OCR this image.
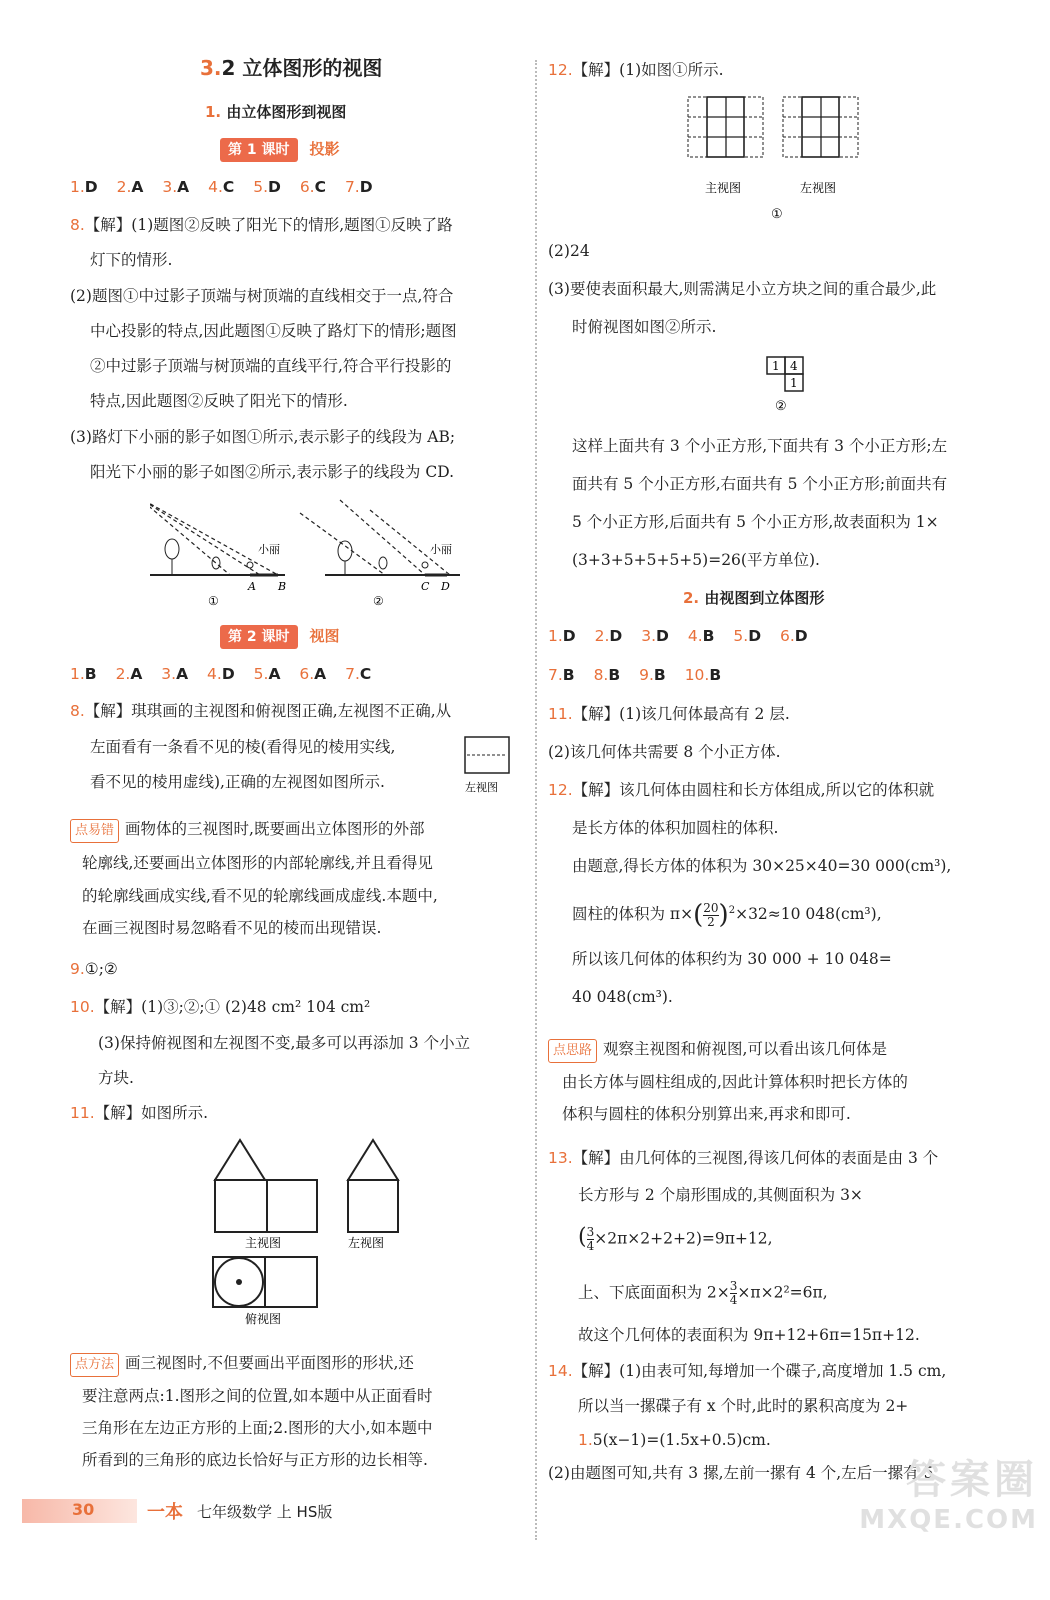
3.2 立体图形的视图
1. 由立体图形到视图
第 1 课时 投影
1.D 2.A 3.A 4.C 5.D 6.C 7.D
8.【解】(1)题图②反映了阳光下的情形,题图①反映了路
灯下的情形.
(2)题图①中过影子顶端与树顶端的直线相交于一点,符合
中心投影的特点,因此题图①反映了路灯下的情形;题图
②中过影子顶端与树顶端的直线平行,符合平行投影的
特点,因此题图②反映了阳光下的情形.
(3)路灯下小丽的影子如图①所示,表示影子的线段为 AB;
阳光下小丽的影子如图②所示,表示影子的线段为 CD.
小丽
A B
①
小丽
C D
②
第 2 课时 视图
1.B 2.A 3.A 4.D 5.A 6.A 7.C
8.【解】琪琪画的主视图和俯视图正确,左视图不正确,从
左面看有一条看不见的棱(看得见的棱用实线,
看不见的棱用虚线),正确的左视图如图所示.	左视图
点易错 画物体的三视图时,既要画出立体图形的外部
轮廓线,还要画出立体图形的内部轮廓线,并且看得见
的轮廓线画成实线,看不见的轮廓线画成虚线.本题中,
在画三视图时易忽略看不见的棱而出现错误.
9.①;②
10.【解】(1)③;②;① (2)48 cm² 104 cm²
(3)保持俯视图和左视图不变,最多可以再添加 3 个小立
方块.
11.【解】如图所示.
主视图	左视图
俯视图
点方法 画三视图时,不但要画出平面图形的形状,还
要注意两点:1.图形之间的位置,如本题中从正面看时
三角形在左边正方形的上面;2.图形的大小,如本题中
所看到的三角形的底边长恰好与正方形的边长相等.
12.【解】(1)如图①所示.
主视图	左视图
①
(2)24
(3)要使表面积最大,则需满足小立方块之间的重合最少,此
时俯视图如图②所示.
1 4
1
②
这样上面共有 3 个小正方形,下面共有 3 个小正方形;左
面共有 5 个小正方形,右面共有 5 个小正方形;前面共有
5 个小正方形,后面共有 5 个小正方形,故表面积为 1×
(3+3+5+5+5+5)=26(平方单位).
2. 由视图到立体图形
1.D 2.D 3.D 4.B 5.D 6.D
7.B 8.B 9.B 10.B
11.【解】(1)该几何体最高有 2 层.
(2)该几何体共需要 8 个小正方体.
12.【解】该几何体由圆柱和长方体组成,所以它的体积就
是长方体的体积加圆柱的体积.
由题意,得长方体的体积为 30×25×40=30 000(cm³),
圆柱的体积为 $\pi\times( \frac{20}{2} )^2\times 32\approx 10$ 048(cm³),
所以该几何体的体积约为 30 000 + 10 048=
40 048(cm³).
点思路 观察主视图和俯视图,可以看出该几何体是
由长方体与圆柱组成的,因此计算体积时把长方体的
体积与圆柱的体积分别算出来,再求和即可.
13.【解】由几何体的三视图,得该几何体的表面是由 3 个
长方形与 2 个扇形围成的,其侧面积为 3×
( $\frac{3}{4} \times 2\pi\times 2+2+2)=9\pi+12$,
上、下底面面积为 $2\times \frac{3}{4} \times\pi\times 2^2=6\pi$,
故这个几何体的表面积为 9π+12+6π=15π+12.
14.【解】(1)由表可知,每增加一个碟子,高度增加 1.5 cm,
所以当一摞碟子有 x 个时,此时的累积高度为 2+
1.5(x−1)=(1.5x+0.5)cm.
(2)由题图可知,共有 3 摞,左前一摞有 4 个,左后一摞有 5
30	一本 七年级数学 上 HS版
答案圈
MXQE.COM
